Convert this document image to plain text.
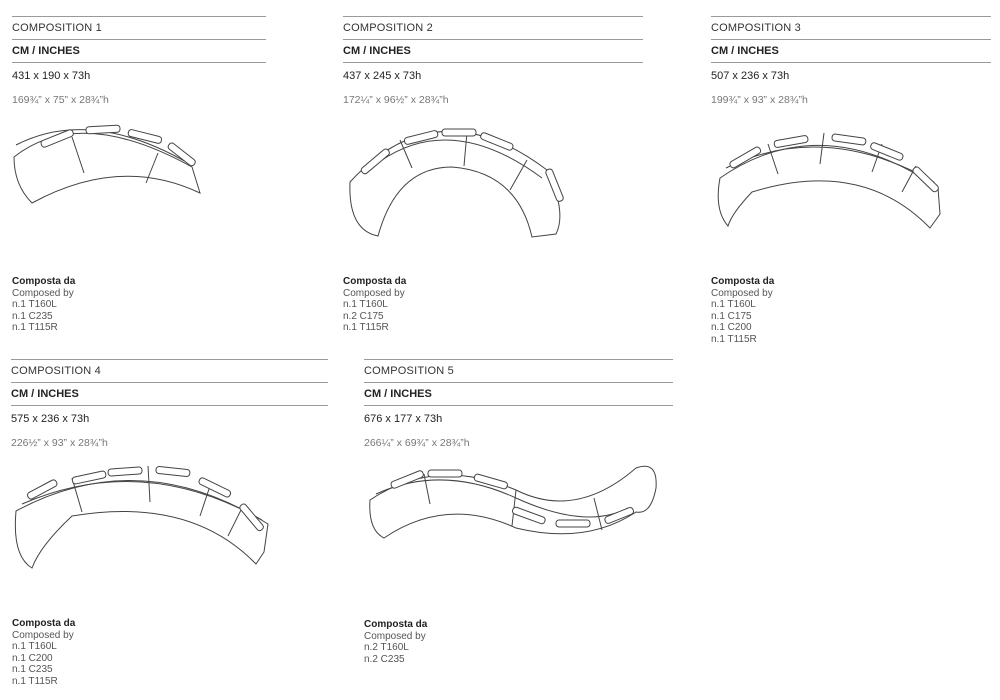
COMPOSITION 1
CM / INCHES
431 x 190 x 73h
169¾” x 75” x 28¾”h
Composta da
Composed by
n.1 T160L
n.1 C235
n.1 T115R
COMPOSITION 2
CM / INCHES
437 x 245 x 73h
172¼” x 96½” x 28¾”h
Composta da
Composed by
n.1 T160L
n.2 C175
n.1 T115R
COMPOSITION 3
CM / INCHES
507 x 236 x 73h
199¾” x 93” x 28¾”h
Composta da
Composed by
n.1 T160L
n.1 C175
n.1 C200
n.1 T115R
COMPOSITION 4
CM / INCHES
575 x 236 x 73h
226½” x 93” x 28¾”h
Composta da
Composed by
n.1 T160L
n.1 C200
n.1 C235
n.1 T115R
COMPOSITION 5
CM / INCHES
676 x 177 x 73h
266¼” x 69¾” x 28¾”h
Composta da
Composed by
n.2 T160L
n.2 C235
